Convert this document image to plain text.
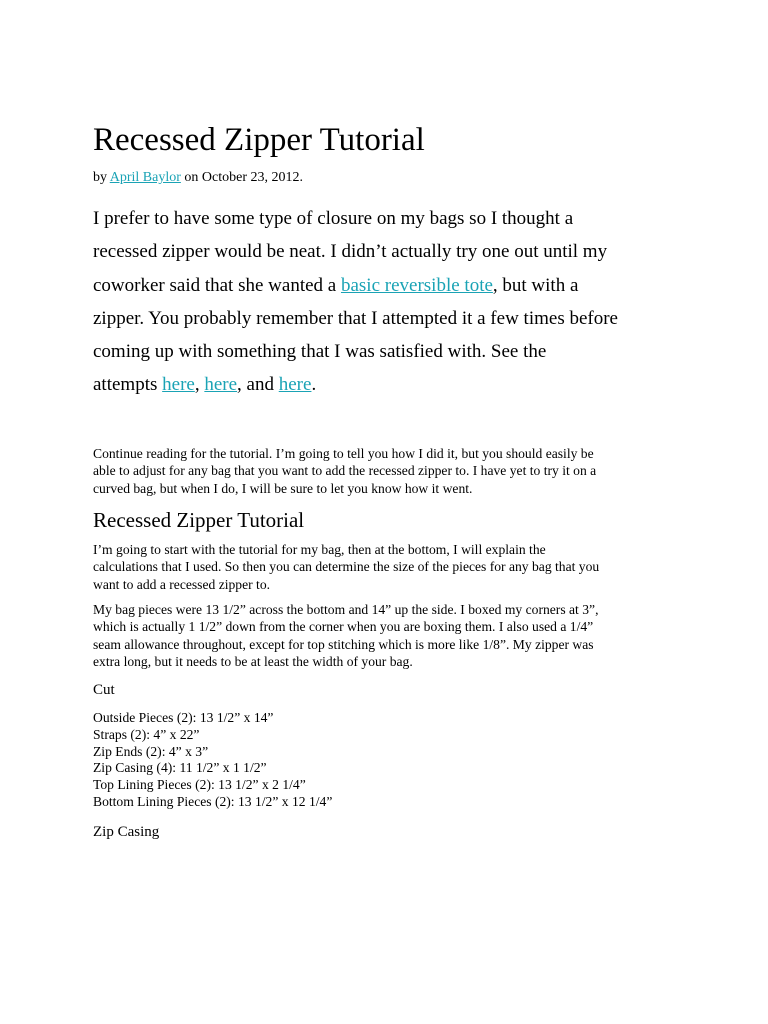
Recessed Zipper Tutorial

by April Baylor on October 23, 2012.

I prefer to have some type of closure on my bags so I thought a
recessed zipper would be neat. I didn’t actually try one out until my
coworker said that she wanted a basic reversible tote, but with a
zipper. You probably remember that I attempted it a few times before
coming up with something that I was satisfied with. See the
attempts here, here, and here.

Continue reading for the tutorial. I’m going to tell you how I did it, but you should easily be
able to adjust for any bag that you want to add the recessed zipper to. I have yet to try it on a
curved bag, but when I do, I will be sure to let you know how it went.

Recessed Zipper Tutorial

I’m going to start with the tutorial for my bag, then at the bottom, I will explain the
calculations that I used. So then you can determine the size of the pieces for any bag that you
want to add a recessed zipper to.

My bag pieces were 13 1/2” across the bottom and 14” up the side. I boxed my corners at 3”,
which is actually 1 1/2” down from the corner when you are boxing them. I also used a 1/4”
seam allowance throughout, except for top stitching which is more like 1/8”. My zipper was
extra long, but it needs to be at least the width of your bag.

Cut

Outside Pieces (2): 13 1/2” x 14”
Straps (2): 4” x 22”
Zip Ends (2): 4” x 3”
Zip Casing (4): 11 1/2” x 1 1/2”
Top Lining Pieces (2): 13 1/2” x 2 1/4”
Bottom Lining Pieces (2): 13 1/2” x 12 1/4”

Zip Casing
